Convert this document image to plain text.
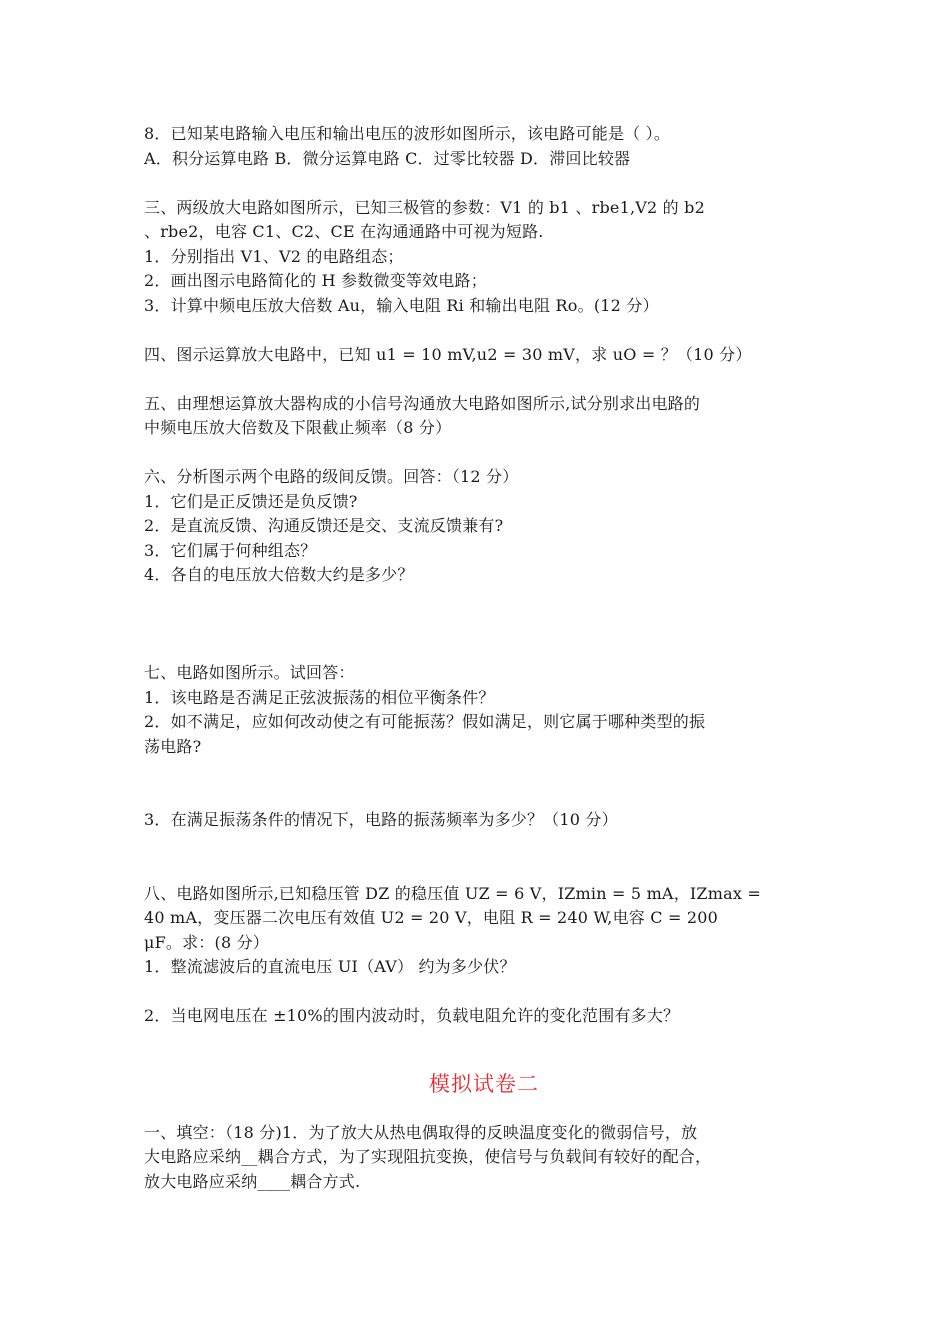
8．已知某电路输入电压和输出电压的波形如图所示，该电路可能是（ ）。
A．积分运算电路 B．微分运算电路 C．过零比较器 D．滞回比较器
三、两级放大电路如图所示，已知三极管的参数：V1 的 b1 、rbe1,V2 的 b2
、rbe2，电容 C1、C2、CE 在沟通通路中可视为短路.
1．分别指出 V1、V2 的电路组态；
2．画出图示电路简化的 H 参数微变等效电路；
3．计算中频电压放大倍数 Au，输入电阻 Ri 和输出电阻 Ro。(12 分）
四、图示运算放大电路中，已知 u1 = 10 mV,u2 = 30 mV，求 uO = ？（10 分）
五、由理想运算放大器构成的小信号沟通放大电路如图所示,试分别求出电路的
中频电压放大倍数及下限截止频率（8 分）
六、分析图示两个电路的级间反馈。回答：（12 分）
1．它们是正反馈还是负反馈?
2．是直流反馈、沟通反馈还是交、支流反馈兼有?
3．它们属于何种组态？
4．各自的电压放大倍数大约是多少？
七、电路如图所示。试回答：
1．该电路是否满足正弦波振荡的相位平衡条件？
2．如不满足，应如何改动使之有可能振荡？假如满足，则它属于哪种类型的振
荡电路?
3．在满足振荡条件的情况下，电路的振荡频率为多少？（10 分）
八、电路如图所示,已知稳压管 DZ 的稳压值 UZ = 6 V，IZmin = 5 mA，IZmax =
40 mA，变压器二次电压有效值 U2 = 20 V，电阻 R = 240 W,电容 C = 200
μF。求：(8 分）
1．整流滤波后的直流电压 UI（AV） 约为多少伏？
2．当电网电压在 ±10%的围内波动时，负载电阻允许的变化范围有多大？
模拟试卷二
一、填空：（18 分)1．为了放大从热电偶取得的反映温度变化的微弱信号，放
大电路应采纳__耦合方式，为了实现阻抗变换，使信号与负载间有较好的配合，
放大电路应采纳____耦合方式.
